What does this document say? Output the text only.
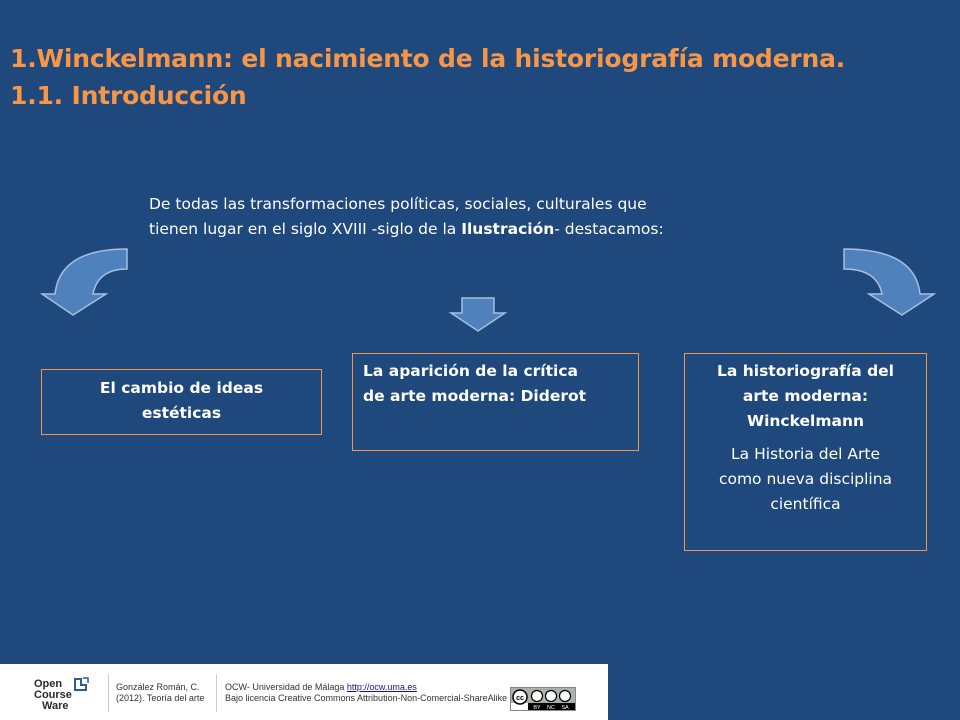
1.Winckelmann: el nacimiento de la historiografía moderna.
1.1. Introducción
De todas las transformaciones políticas, sociales, culturales que
tienen lugar en el siglo XVIII -siglo de la Ilustración- destacamos:
El cambio de ideas
estéticas
La aparición de la crítica
de arte moderna: Diderot
La historiografía del
arte moderna:
Winckelmann
La Historia del Arte
como nueva disciplina
científica
Open
Course
Ware
González Román, C.
(2012). Teoría del arte
OCW- Universidad de Málaga http://ocw.uma.es
Bajo licencia Creative Commons Attribution-Non-Comercial-ShareAlike cc
BY NC SA
